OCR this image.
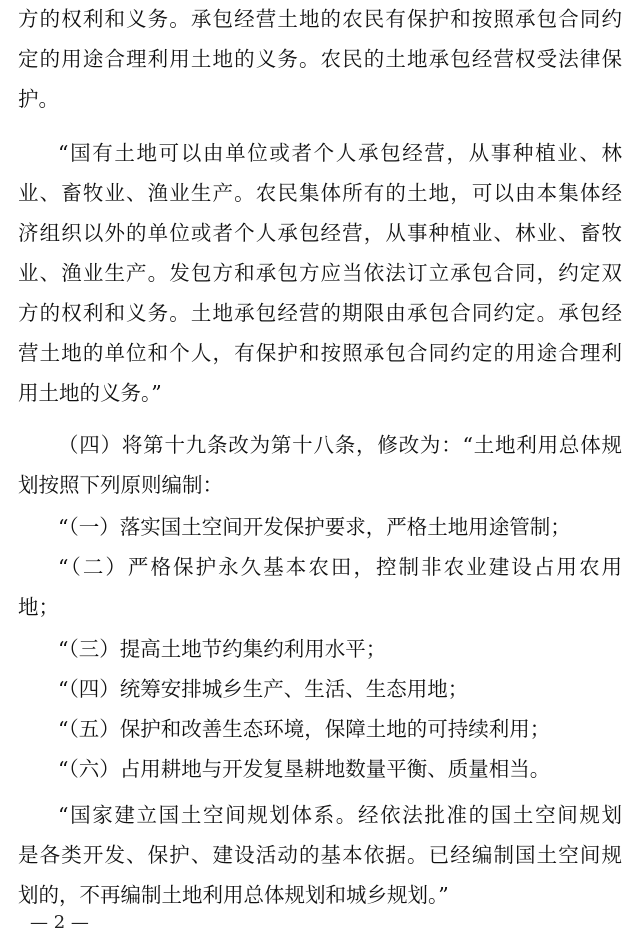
方的权利和义务。承包经营土地的农民有保护和按照承包合同约
定的用途合理利用土地的义务。农民的土地承包经营权受法律保
护。
“国有土地可以由单位或者个人承包经营，从事种植业、林
业、畜牧业、渔业生产。农民集体所有的土地，可以由本集体经
济组织以外的单位或者个人承包经营，从事种植业、林业、畜牧
业、渔业生产。发包方和承包方应当依法订立承包合同，约定双
方的权利和义务。土地承包经营的期限由承包合同约定。承包经
营土地的单位和个人，有保护和按照承包合同约定的用途合理利
用土地的义务。”
（四）将第十九条改为第十八条，修改为：“土地利用总体规
划按照下列原则编制：
“（一）落实国土空间开发保护要求，严格土地用途管制；
“（二）严格保护永久基本农田，控制非农业建设占用农用
地；
“（三）提高土地节约集约利用水平；
“（四）统筹安排城乡生产、生活、生态用地；
“（五）保护和改善生态环境，保障土地的可持续利用；
“（六）占用耕地与开发复垦耕地数量平衡、质量相当。
“国家建立国土空间规划体系。经依法批准的国土空间规划
是各类开发、保护、建设活动的基本依据。已经编制国土空间规
划的，不再编制土地利用总体规划和城乡规划。”
— 2 —
